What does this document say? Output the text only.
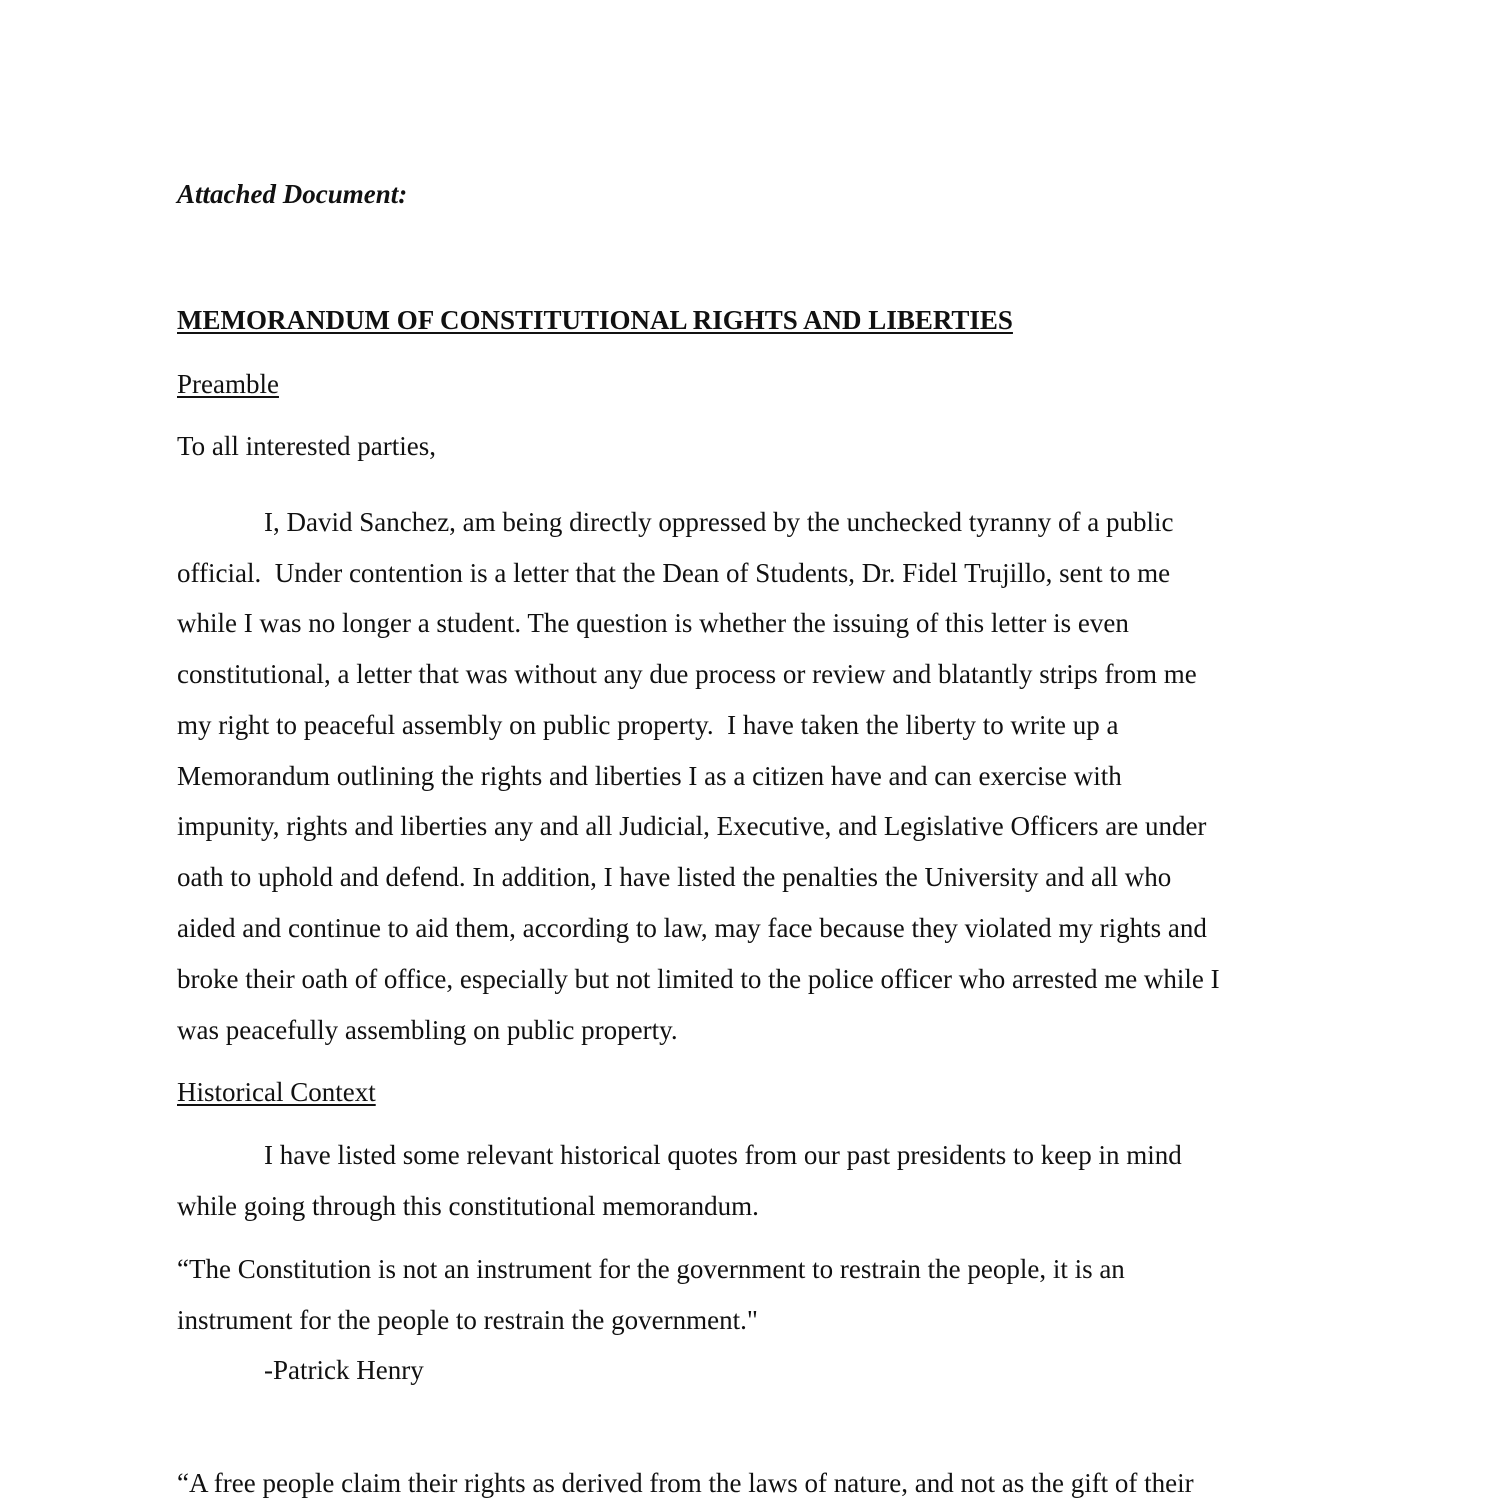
Attached Document:
MEMORANDUM OF CONSTITUTIONAL RIGHTS AND LIBERTIES
Preamble
To all interested parties,
I, David Sanchez, am being directly oppressed by the unchecked tyranny of a public
official.  Under contention is a letter that the Dean of Students, Dr. Fidel Trujillo, sent to me
while I was no longer a student. The question is whether the issuing of this letter is even
constitutional, a letter that was without any due process or review and blatantly strips from me
my right to peaceful assembly on public property.  I have taken the liberty to write up a
Memorandum outlining the rights and liberties I as a citizen have and can exercise with
impunity, rights and liberties any and all Judicial, Executive, and Legislative Officers are under
oath to uphold and defend. In addition, I have listed the penalties the University and all who
aided and continue to aid them, according to law, may face because they violated my rights and
broke their oath of office, especially but not limited to the police officer who arrested me while I
was peacefully assembling on public property.
Historical Context
I have listed some relevant historical quotes from our past presidents to keep in mind
while going through this constitutional memorandum.
“The Constitution is not an instrument for the government to restrain the people, it is an
instrument for the people to restrain the government."
-Patrick Henry
“A free people claim their rights as derived from the laws of nature, and not as the gift of their
